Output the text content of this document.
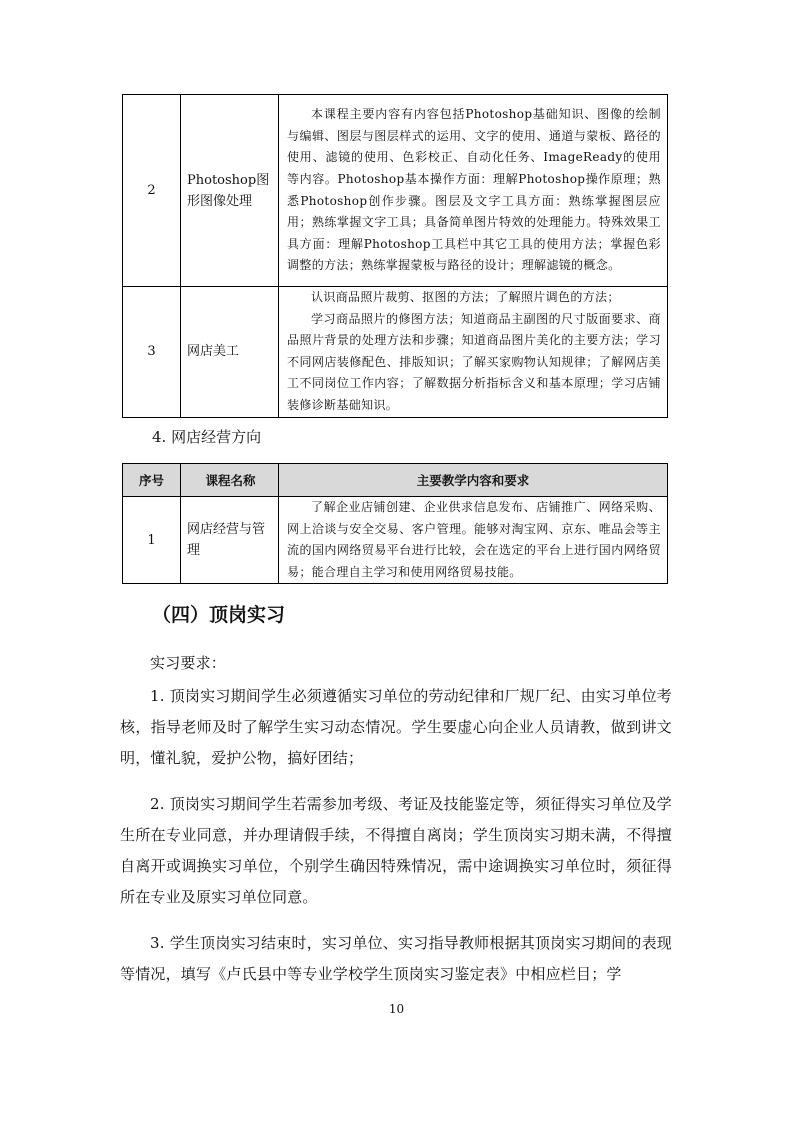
2	Photoshop图形图像处理	本课程主要内容有内容包括Photoshop基础知识、图像的绘制与编辑、图层与图层样式的运用、文字的使用、通道与蒙板、路径的使用、滤镜的使用、色彩校正、自动化任务、ImageReady的使用等内容。Photoshop基本操作方面：理解Photoshop操作原理；熟悉Photoshop创作步骤。图层及文字工具方面：熟练掌握图层应用；熟练掌握文字工具；具备简单图片特效的处理能力。特殊效果工具方面：理解Photoshop工具栏中其它工具的使用方法；掌握色彩调整的方法；熟练掌握蒙板与路径的设计；理解滤镜的概念。

3	网店美工	认识商品照片裁剪、抠图的方法；了解照片调色的方法；

学习商品照片的修图方法；知道商品主副图的尺寸版面要求、商品照片背景的处理方法和步骤；知道商品图片美化的主要方法；学习不同网店装修配色、排版知识；了解买家购物认知规律；了解网店美工不同岗位工作内容；了解数据分析指标含义和基本原理；学习店铺装修诊断基础知识。

4. 网店经营方向
序号	课程名称	主要教学内容和要求
1	网店经营与管理	了解企业店铺创建、企业供求信息发布、店铺推广、网络采购、网上洽谈与安全交易、客户管理。能够对淘宝网、京东、唯品会等主流的国内网络贸易平台进行比较，会在选定的平台上进行国内网络贸易；能合理自主学习和使用网络贸易技能。

（四）顶岗实习
实习要求：
1. 顶岗实习期间学生必须遵循实习单位的劳动纪律和厂规厂纪、由实习单位考核，指导老师及时了解学生实习动态情况。学生要虚心向企业人员请教，做到讲文明，懂礼貌，爱护公物，搞好团结；
2. 顶岗实习期间学生若需参加考级、考证及技能鉴定等，须征得实习单位及学生所在专业同意，并办理请假手续，不得擅自离岗；学生顶岗实习期未满，不得擅自离开或调换实习单位，个别学生确因特殊情况，需中途调换实习单位时，须征得所在专业及原实习单位同意。
3. 学生顶岗实习结束时，实习单位、实习指导教师根据其顶岗实习期间的表现等情况，填写《卢氏县中等专业学校学生顶岗实习鉴定表》中相应栏目；学
10
